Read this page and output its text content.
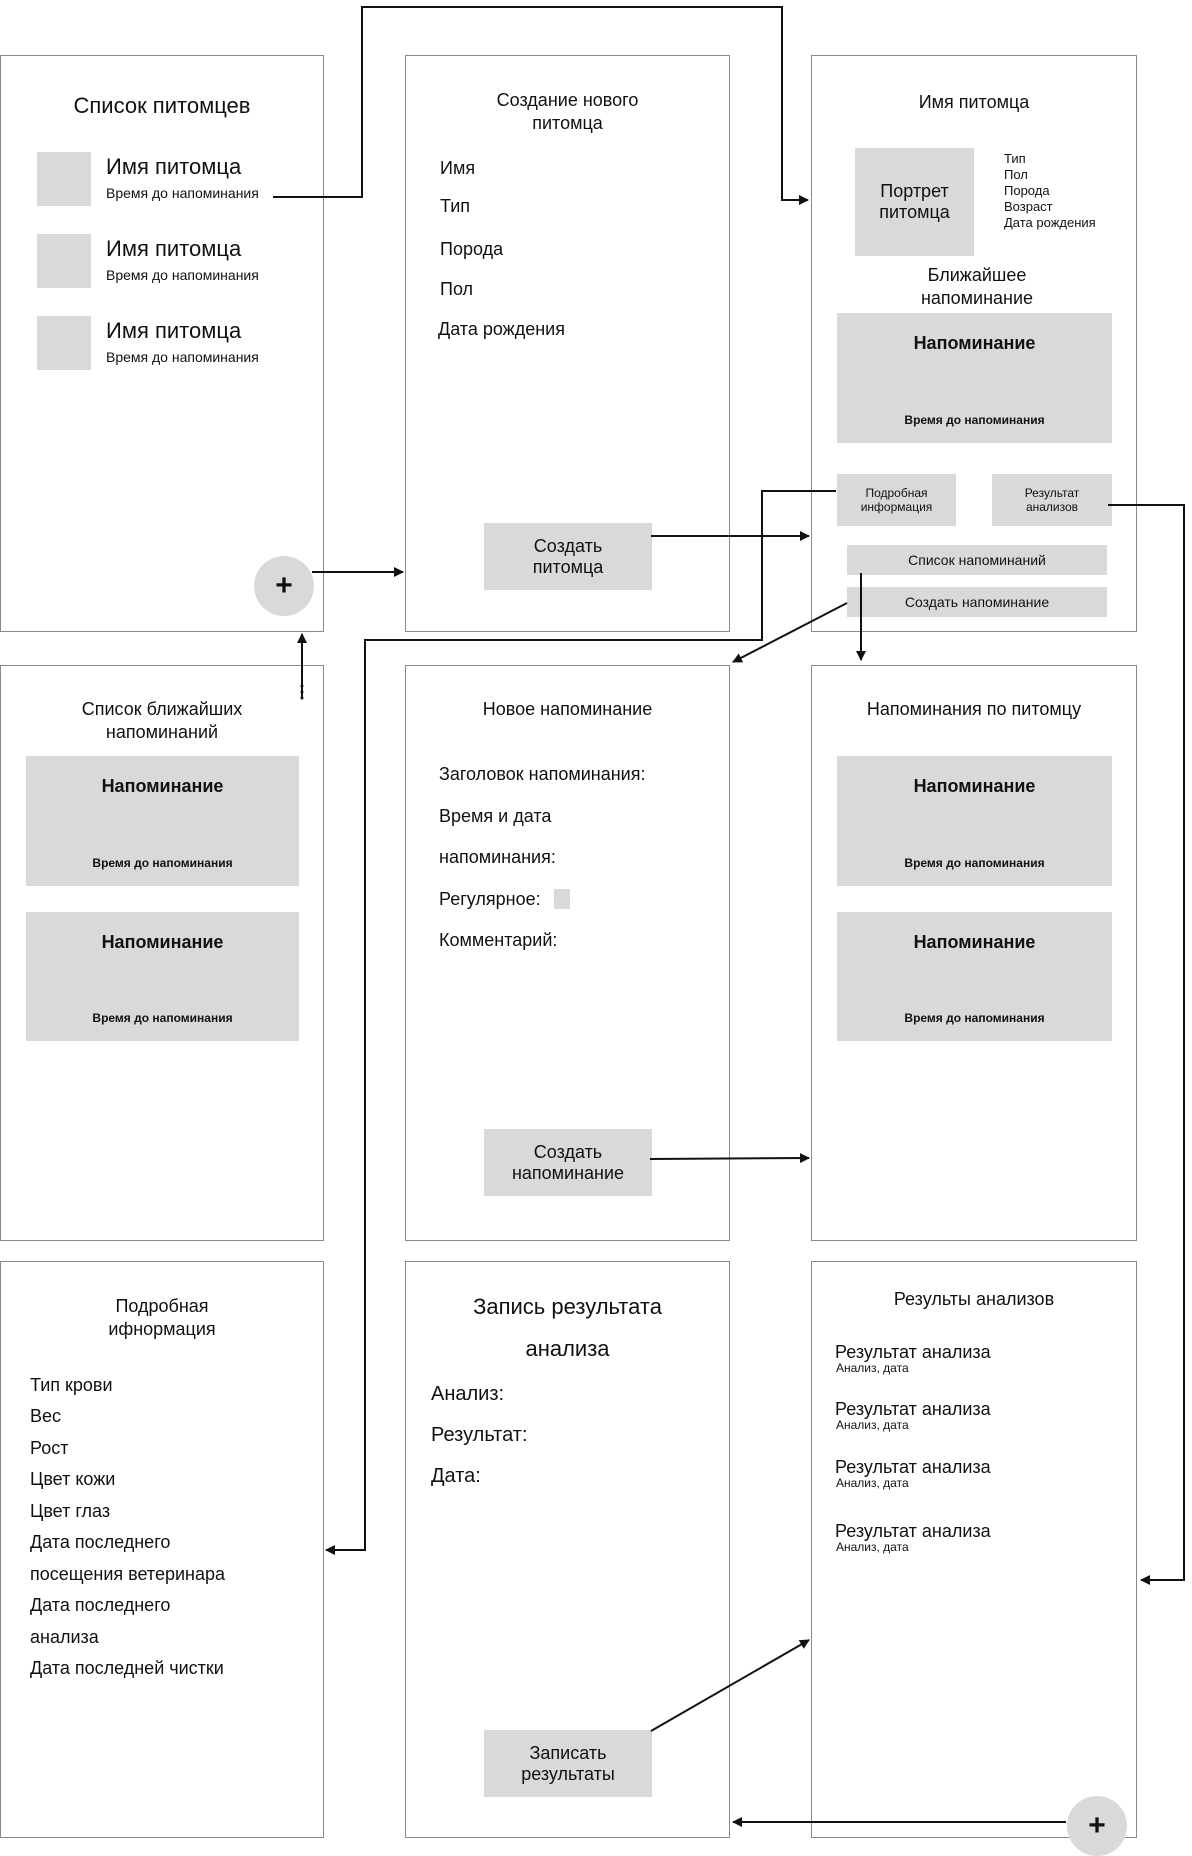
Список питомцев
Имя питомца
Время до напоминания
Имя питомца
Время до напоминания
Имя питомца
Время до напоминания
+
Создание нового
питомца
Имя
Тип
Порода
Пол
Дата рождения
Создать
питомца
Имя питомца
Портрет
питомца
Тип
Пол
Порода
Возраст
Дата рождения
Ближайшее
напоминание
Напоминание
Время до напоминания
Подробная
информация
Результат
анализов
Список напоминаний
Создать напоминание
Список ближайших
напоминаний
Напоминание
Время до напоминания
Напоминание
Время до напоминания
Новое напоминание
Заголовок напоминания:
Время и дата
напоминания:
Регулярное:
Комментарий:
Создать
напоминание
Напоминания по питомцу
Напоминание
Время до напоминания
Напоминание
Время до напоминания
Подробная
ифнормация
Тип крови
Вес
Рост
Цвет кожи
Цвет глаз
Дата последнего
посещения ветеринара
Дата последнего
анализа
Дата последней чистки
Запись результата
анализа
Анализ:
Результат:
Дата:
Записать
результаты
Результы анализов
Результат анализа
Анализ, дата
Результат анализа
Анализ, дата
Результат анализа
Анализ, дата
Результат анализа
Анализ, дата
+
